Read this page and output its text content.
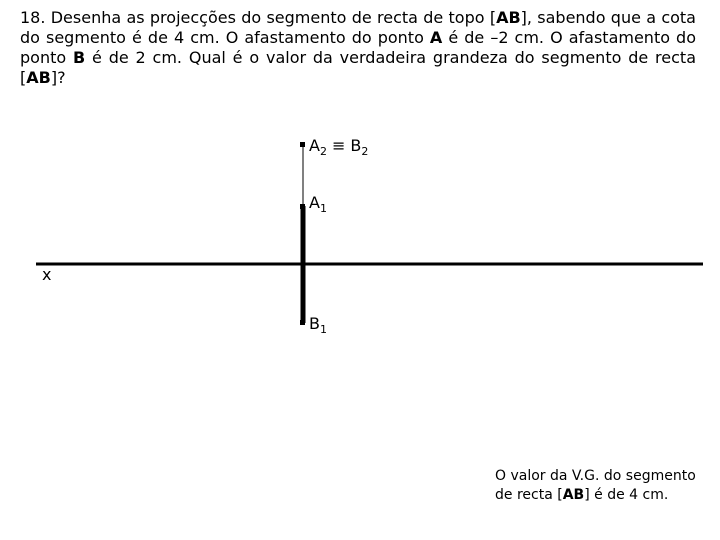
18. Desenha as projecções do segmento de recta de topo [AB], sabendo que a cota do segmento é de 4 cm. O afastamento do ponto A é de –2 cm. O afastamento do ponto B é de 2 cm. Qual é o valor da verdadeira grandeza do segmento de recta [AB]?

x
$A_2 \equiv B_2$
$A_1$
$B_1$

O valor da V.G. do segmento de recta [AB] é de 4 cm.
